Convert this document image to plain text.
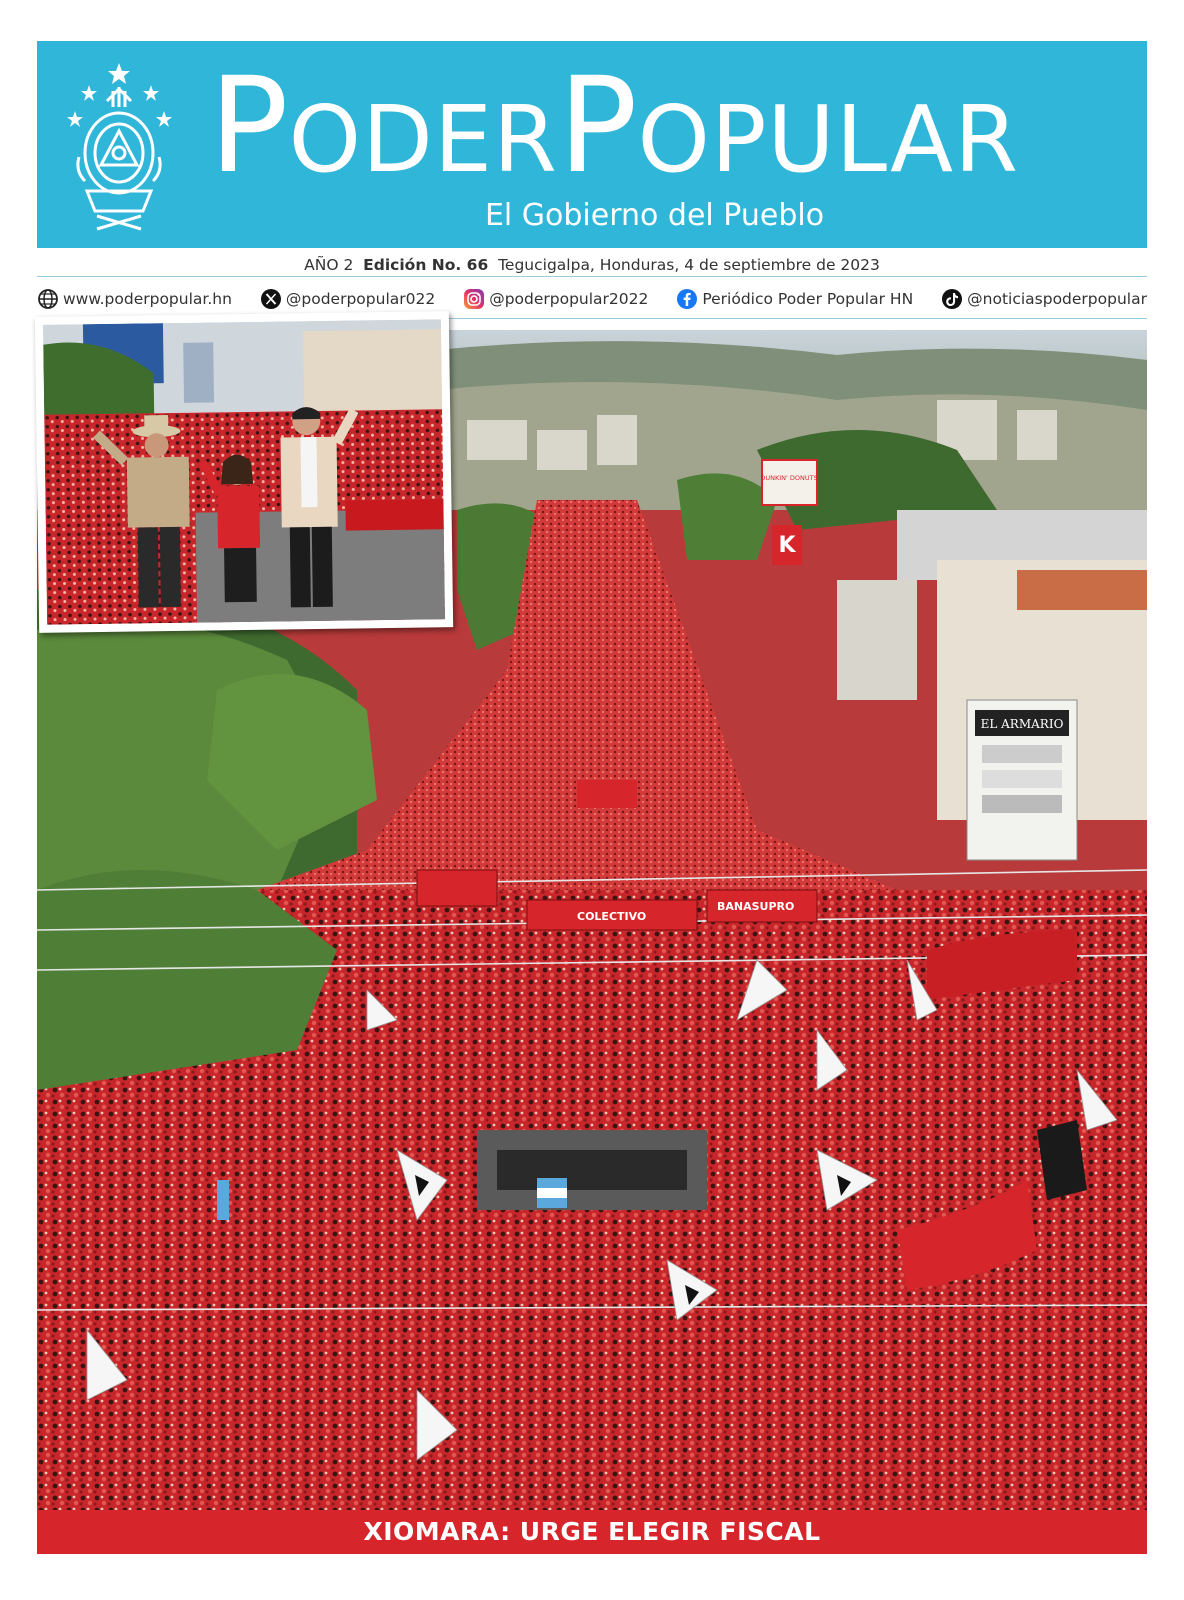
PODERPOPULAR
El Gobierno del Pueblo
AÑO 2 Edición No. 66 Tegucigalpa, Honduras, 4 de septiembre de 2023
www.poderpopular.hn	@poderpopular022	@poderpopular2022	Periódico Poder Popular HN	@noticiaspoderpopular
EL ARMARIO
K
DUNKIN' DONUTS
COLECTIVO
BANASUPRO
XIOMARA: URGE ELEGIR FISCAL
